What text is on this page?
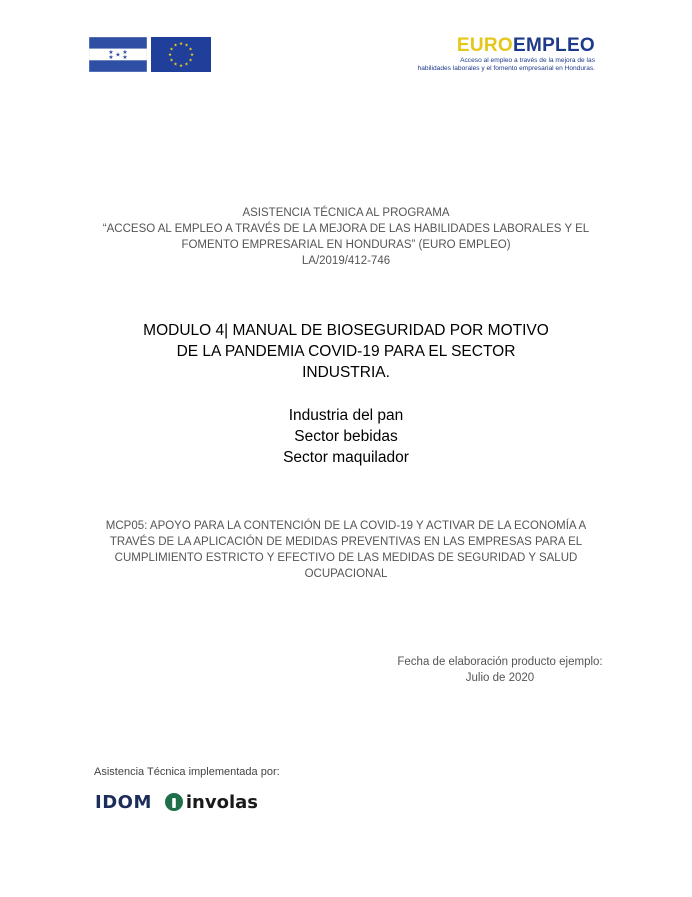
★ ★
★
★ ★
★ ★
★
★
★
★
★
★
★
★
★
★	EUROEMPLEO
Acceso al empleo a través de la mejora de las
habilidades laborales y el fomento empresarial en Honduras.
ASISTENCIA TÉCNICA AL PROGRAMA
“ACCESO AL EMPLEO A TRAVÉS DE LA MEJORA DE LAS HABILIDADES LABORALES Y EL
FOMENTO EMPRESARIAL EN HONDURAS” (EURO EMPLEO)
LA/2019/412-746
MODULO 4| MANUAL DE BIOSEGURIDAD POR MOTIVO
DE LA PANDEMIA COVID-19 PARA EL SECTOR
INDUSTRIA.
Industria del pan
Sector bebidas
Sector maquilador
MCP05: APOYO PARA LA CONTENCIÓN DE LA COVID-19 Y ACTIVAR DE LA ECONOMÍA A
TRAVÉS DE LA APLICACIÓN DE MEDIDAS PREVENTIVAS EN LAS EMPRESAS PARA EL
CUMPLIMIENTO ESTRICTO Y EFECTIVO DE LAS MEDIDAS DE SEGURIDAD Y SALUD
OCUPACIONAL
Fecha de elaboración producto ejemplo:
Julio de 2020
Asistencia Técnica implementada por:
IDOM involas
